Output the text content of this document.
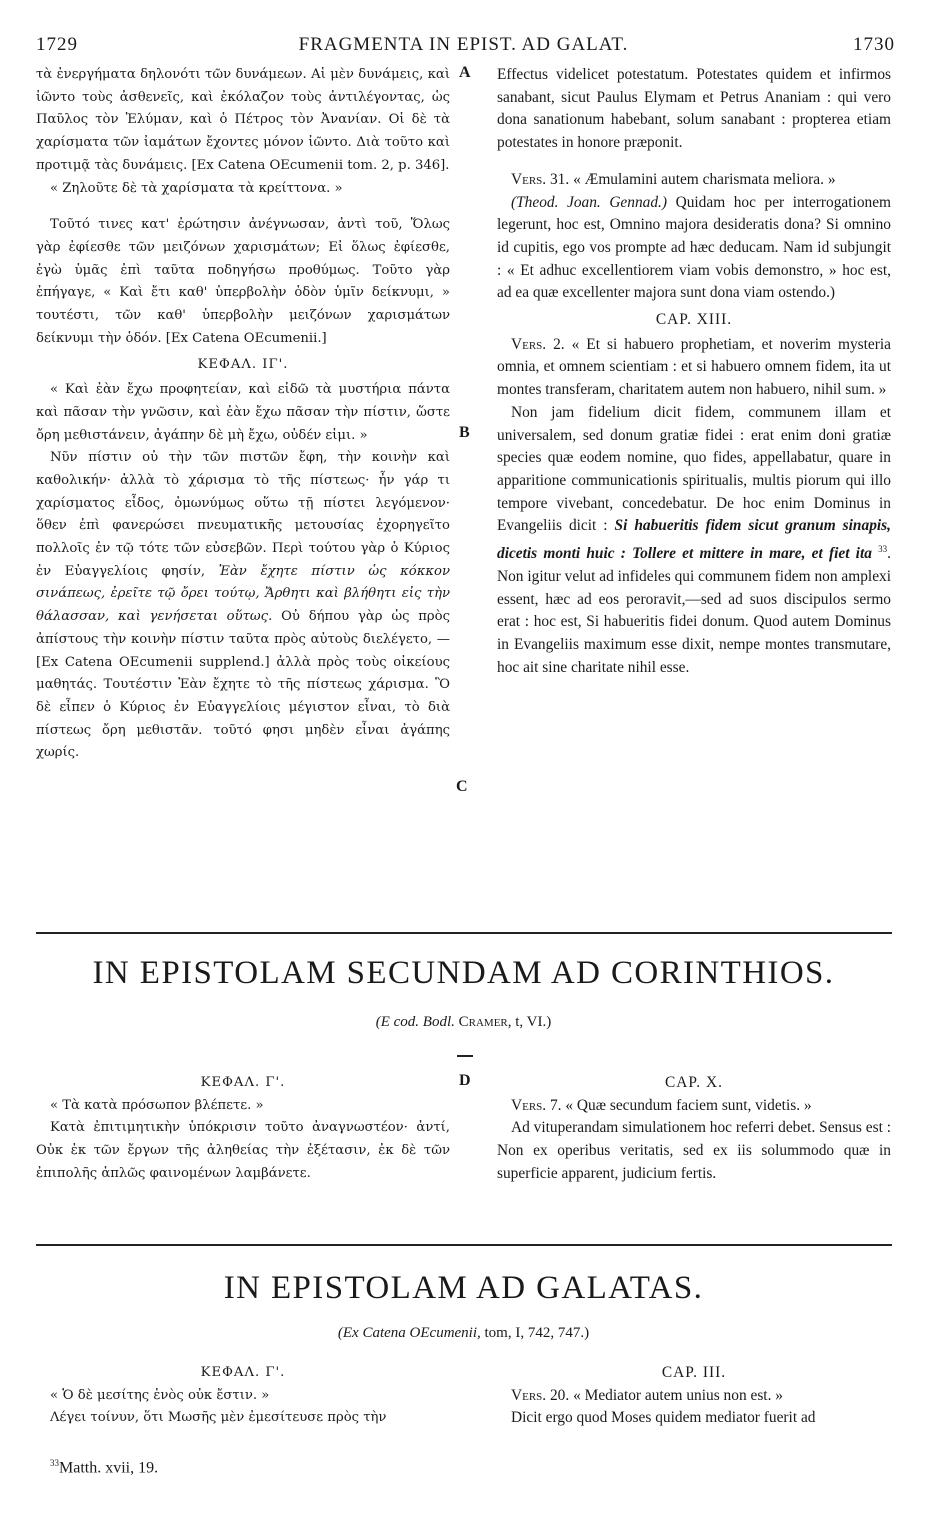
FRAGMENTA IN EPIST. AD GALAT.
1729	1730
A
B
C
D

τὰ ἐνεργήματα δηλονότι τῶν δυνάμεων. Αἱ μὲν δυνάμεις, καὶ ἰῶντο τοὺς ἀσθενεῖς, καὶ ἐκόλαζον τοὺς ἀντιλέγοντας, ὡς Παῦλος τὸν Ἐλύμαν, καὶ ὁ Πέτρος τὸν Ἀνανίαν. Οἱ δὲ τὰ χαρίσματα τῶν ἰαμάτων ἔχοντες μόνον ἰῶντο. Διὰ τοῦτο καὶ προτιμᾷ τὰς δυνάμεις. [Ex Catena OEcumenii tom. 2, p. 346].

« Ζηλοῦτε δὲ τὰ χαρίσματα τὰ κρείττονα. »

Τοῦτό τινες κατ' ἐρώτησιν ἀνέγνωσαν, ἀντὶ τοῦ, Ὅλως γὰρ ἐφίεσθε τῶν μειζόνων χαρισμάτων; Εἰ ὅλως ἐφίεσθε, ἐγὼ ὑμᾶς ἐπὶ ταῦτα ποδηγήσω προθύμως. Τοῦτο γὰρ ἐπήγαγε, « Καὶ ἔτι καθ' ὑπερβολὴν ὁδὸν ὑμῖν δείκνυμι, » τουτέστι, τῶν καθ' ὑπερβολὴν μειζόνων χαρισμάτων δείκνυμι τὴν ὁδόν. [Ex Catena OEcumenii.]

ΚΕΦΑΛ. ΙΓ'.

« Καὶ ἐὰν ἔχω προφητείαν, καὶ εἰδῶ τὰ μυστήρια πάντα καὶ πᾶσαν τὴν γνῶσιν, καὶ ἐὰν ἔχω πᾶσαν τὴν πίστιν, ὥστε ὄρη μεθιστάνειν, ἀγάπην δὲ μὴ ἔχω, οὐδέν εἰμι. »

Νῦν πίστιν οὐ τὴν τῶν πιστῶν ἔφη, τὴν κοινὴν καὶ καθολικήν· ἀλλὰ τὸ χάρισμα τὸ τῆς πίστεως· ἦν γάρ τι χαρίσματος εἶδος, ὁμωνύμως οὕτω τῇ πίστει λεγόμενον· ὅθεν ἐπὶ φανερώσει πνευματικῆς μετουσίας ἐχορηγεῖτο πολλοῖς ἐν τῷ τότε τῶν εὐσεβῶν. Περὶ τούτου γὰρ ὁ Κύριος ἐν Εὐαγγελίοις φησίν, Ἐὰν ἔχητε πίστιν ὡς κόκκον σινάπεως, ἐρεῖτε τῷ ὄρει τούτῳ, Ἄρθητι καὶ βλήθητι εἰς τὴν θάλασσαν, καὶ γενήσεται οὕτως. Οὐ δήπου γὰρ ὡς πρὸς ἀπίστους τὴν κοινὴν πίστιν ταῦτα πρὸς αὐτοὺς διελέγετο, — [Ex Catena OEcumenii supplend.] ἀλλὰ πρὸς τοὺς οἰκείους μαθητάς. Τουτέστιν Ἐὰν ἔχητε τὸ τῆς πίστεως χάρισμα. Ὃ δὲ εἶπεν ὁ Κύριος ἐν Εὐαγγελίοις μέγιστον εἶναι, τὸ διὰ πίστεως ὄρη μεθιστᾶν. τοῦτό φησι μηδὲν εἶναι ἀγάπης χωρίς.

Effectus videlicet potestatum. Potestates quidem et infirmos sanabant, sicut Paulus Elymam et Petrus Ananiam : qui vero dona sanationum habebant, solum sanabant : propterea etiam potestates in honore præponit.

Vers. 31. « Æmulamini autem charismata meliora. »

(Theod. Joan. Gennad.) Quidam hoc per interrogationem legerunt, hoc est, Omnino majora desideratis dona? Si omnino id cupitis, ego vos prompte ad hæc deducam. Nam id subjungit : « Et adhuc excellentiorem viam vobis demonstro, » hoc est, ad ea quæ excellenter majora sunt dona viam ostendo.)

CAP. XIII.

Vers. 2. « Et si habuero prophetiam, et noverim mysteria omnia, et omnem scientiam : et si habuero omnem fidem, ita ut montes transferam, charitatem autem non habuero, nihil sum. »

Non jam fidelium dicit fidem, communem illam et universalem, sed donum gratiæ fidei : erat enim doni gratiæ species quæ eodem nomine, quo fides, appellabatur, quare in apparitione communicationis spiritualis, multis piorum qui illo tempore vivebant, concedebatur. De hoc enim Dominus in Evangeliis dicit : Si habueritis fidem sicut granum sinapis, dicetis monti huic : Tollere et mittere in mare, et fiet ita $^{33}$. Non igitur velut ad infideles qui communem fidem non amplexi essent, hæc ad eos peroravit,—sed ad suos discipulos sermo erat : hoc est, Si habueritis fidei donum. Quod autem Dominus in Evangeliis maximum esse dixit, nempe montes transmutare, hoc ait sine charitate nihil esse.

IN EPISTOLAM SECUNDAM AD CORINTHIOS.
(E cod. Bodl. Cramer, t, VI.)

ΚΕΦΑΛ. Γ'.

« Τὰ κατὰ πρόσωπον βλέπετε. »

Κατὰ ἐπιτιμητικὴν ὑπόκρισιν τοῦτο ἀναγνωστέον· ἀντί, Οὐκ ἐκ τῶν ἔργων τῆς ἀληθείας τὴν ἐξέτασιν, ἐκ δὲ τῶν ἐπιπολῆς ἁπλῶς φαινομένων λαμβάνετε.

CAP. X.

Vers. 7. « Quæ secundum faciem sunt, videtis. »

Ad vituperandam simulationem hoc referri debet. Sensus est : Non ex operibus veritatis, sed ex iis solummodo quæ in superficie apparent, judicium fertis.

IN EPISTOLAM AD GALATAS.
(Ex Catena OEcumenii, tom, I, 742, 747.)

ΚΕΦΑΛ. Γ'.

« Ὁ δὲ μεσίτης ἑνὸς οὐκ ἔστιν. »

Λέγει τοίνυν, ὅτι Μωσῆς μὲν ἐμεσίτευσε πρὸς τὴν

CAP. III.

Vers. 20. « Mediator autem unius non est. »

Dicit ergo quod Moses quidem mediator fuerit ad

$^{33}$Matth. xvii, 19.
